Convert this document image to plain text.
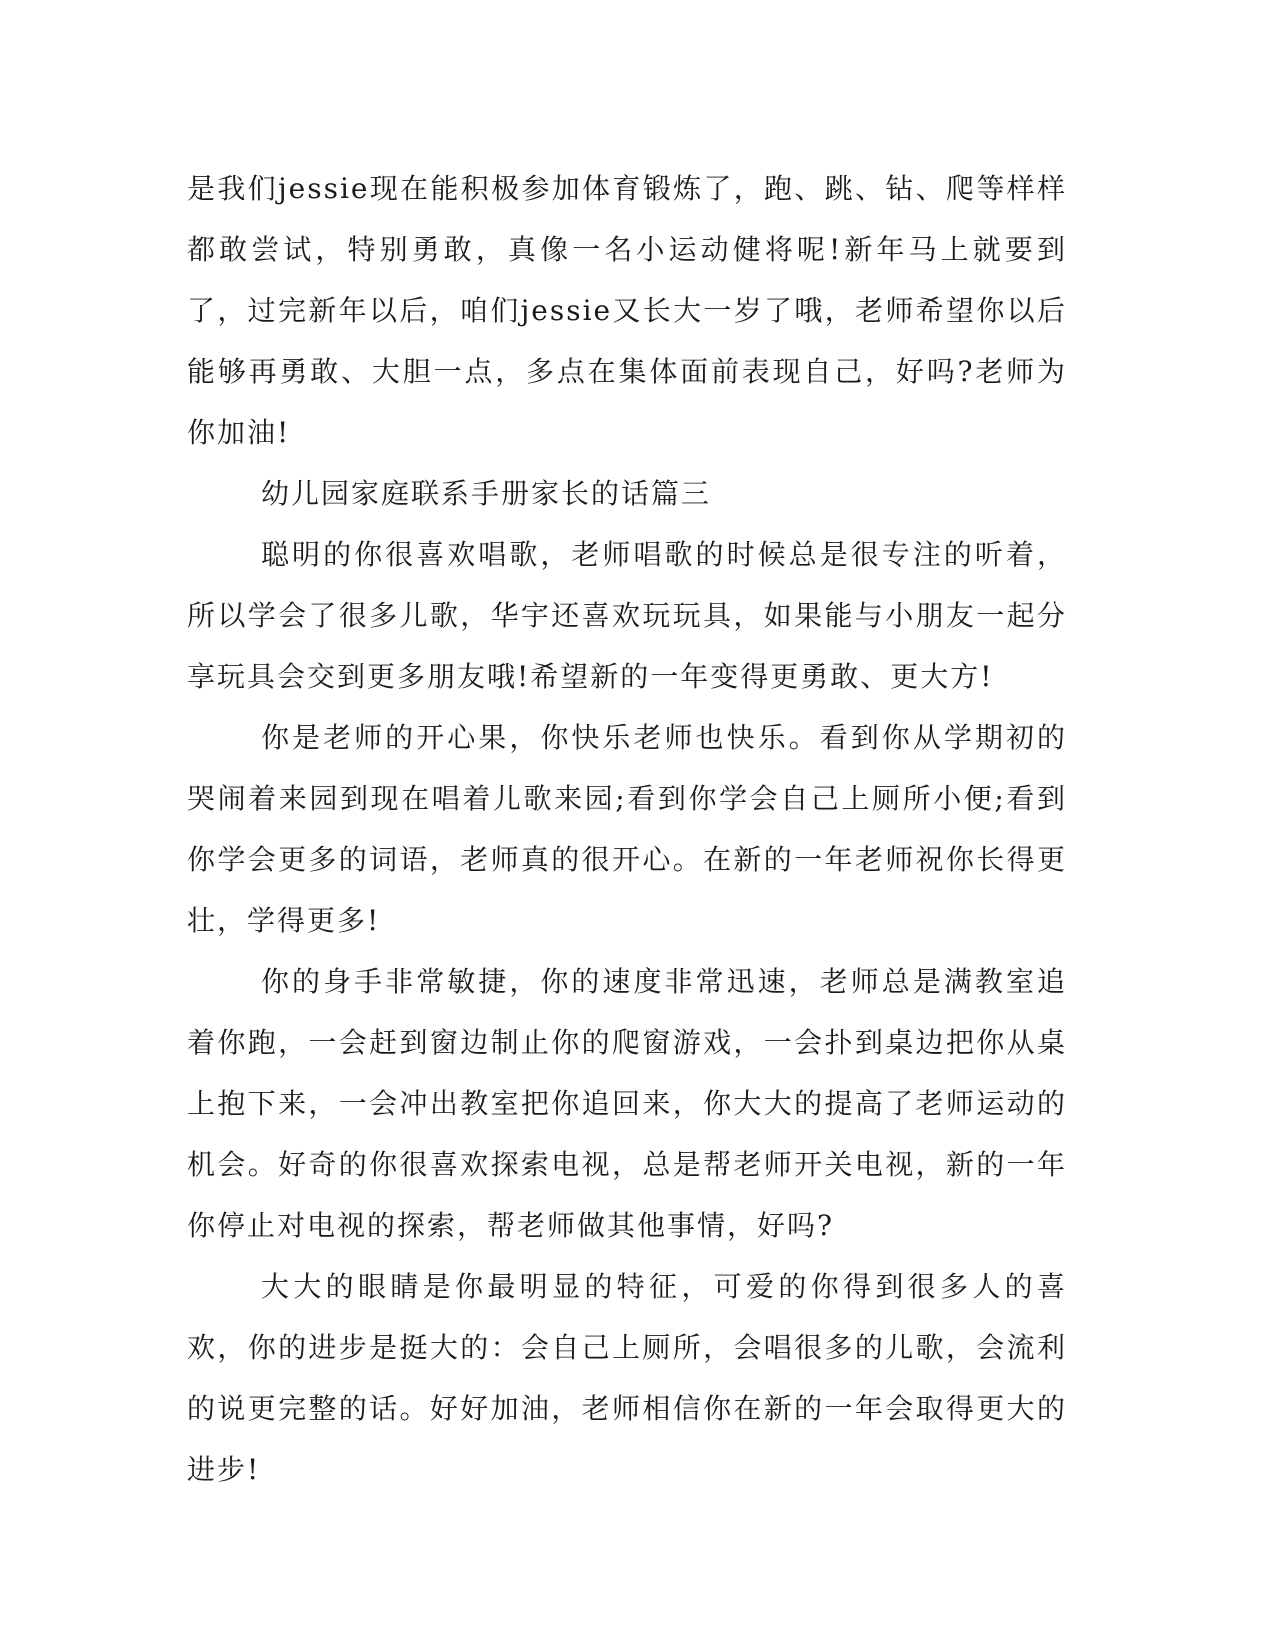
是我们jessie现在能积极参加体育锻炼了，跑、跳、钻、爬等样样都敢尝试，特别勇敢，真像一名小运动健将呢!新年马上就要到了，过完新年以后，咱们jessie又长大一岁了哦，老师希望你以后能够再勇敢、大胆一点，多点在集体面前表现自己，好吗?老师为你加油!

幼儿园家庭联系手册家长的话篇三

聪明的你很喜欢唱歌，老师唱歌的时候总是很专注的听着，所以学会了很多儿歌，华宇还喜欢玩玩具，如果能与小朋友一起分享玩具会交到更多朋友哦!希望新的一年变得更勇敢、更大方!

你是老师的开心果，你快乐老师也快乐。看到你从学期初的哭闹着来园到现在唱着儿歌来园;看到你学会自己上厕所小便;看到你学会更多的词语，老师真的很开心。在新的一年老师祝你长得更壮，学得更多!

你的身手非常敏捷，你的速度非常迅速，老师总是满教室追着你跑，一会赶到窗边制止你的爬窗游戏，一会扑到桌边把你从桌上抱下来，一会冲出教室把你追回来，你大大的提高了老师运动的机会。好奇的你很喜欢探索电视，总是帮老师开关电视，新的一年你停止对电视的探索，帮老师做其他事情，好吗?

大大的眼睛是你最明显的特征，可爱的你得到很多人的喜欢，你的进步是挺大的：会自己上厕所，会唱很多的儿歌，会流利的说更完整的话。好好加油，老师相信你在新的一年会取得更大的进步!
